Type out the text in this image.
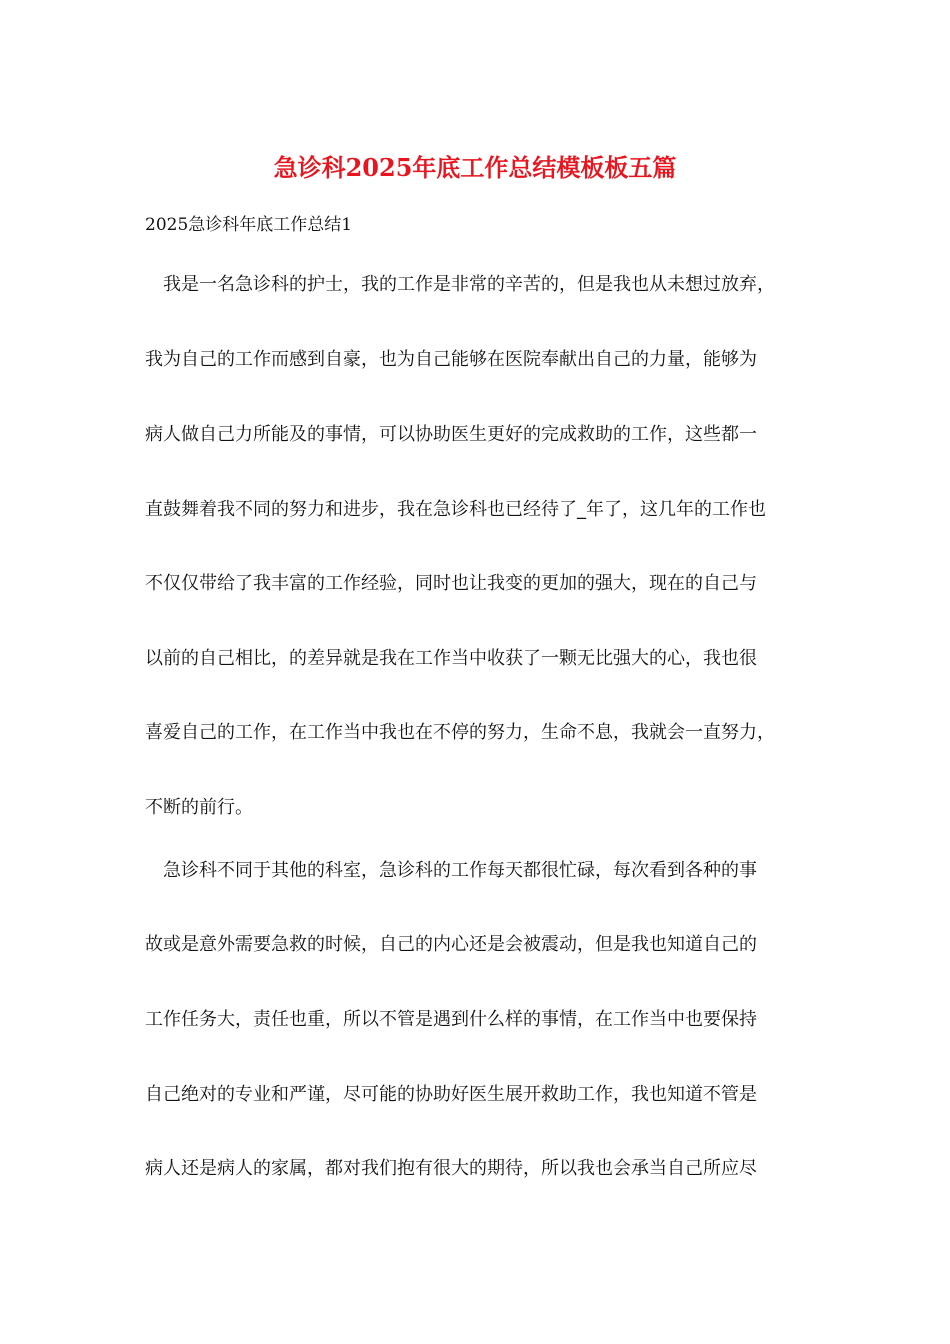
急诊科2025年底工作总结模板板五篇

2025急诊科年底工作总结1

我是一名急诊科的护士，我的工作是非常的辛苦的，但是我也从未想过放弃，

我为自己的工作而感到自豪，也为自己能够在医院奉献出自己的力量，能够为

病人做自己力所能及的事情，可以协助医生更好的完成救助的工作，这些都一

直鼓舞着我不同的努力和进步，我在急诊科也已经待了_年了，这几年的工作也

不仅仅带给了我丰富的工作经验，同时也让我变的更加的强大，现在的自己与

以前的自己相比，的差异就是我在工作当中收获了一颗无比强大的心，我也很

喜爱自己的工作，在工作当中我也在不停的努力，生命不息，我就会一直努力，

不断的前行。

急诊科不同于其他的科室，急诊科的工作每天都很忙碌，每次看到各种的事

故或是意外需要急救的时候，自己的内心还是会被震动，但是我也知道自己的

工作任务大，责任也重，所以不管是遇到什么样的事情，在工作当中也要保持

自己绝对的专业和严谨，尽可能的协助好医生展开救助工作，我也知道不管是

病人还是病人的家属，都对我们抱有很大的期待，所以我也会承当自己所应尽
